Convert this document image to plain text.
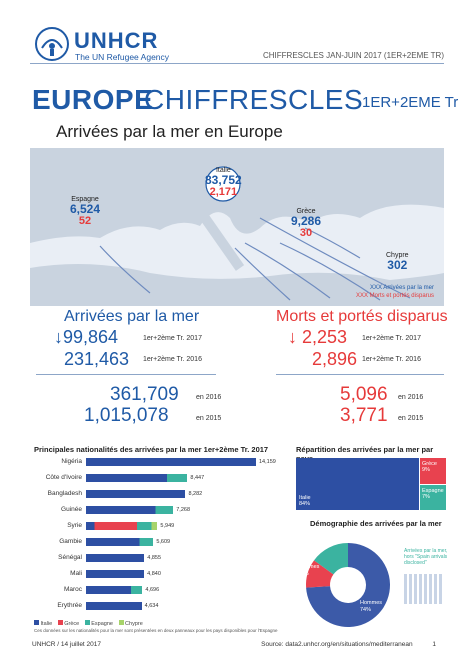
UNHCR
The UN Refugee Agency	CHIFFRESCLES JAN-JUIN 2017 (1ER+2EME TR)
EUROPE
CHIFFRESCLES
1ER+2EME Tr
Arrivées par la mer en Europe
Espagne
6,524
52
Italie
83,752
2,171
Grèce
9,286
30
Chypre
302
XXX Arrivées par la mer
XXX Morts et portés disparus
Arrivées par la mer	Morts et portés disparus
↓99,864	1er+2ème Tr. 2017
231,463 1er+2ème Tr. 2016
↓ 2,253 1er+2ème Tr. 2017
2,896 1er+2ème Tr. 2016
361,709 en 2016
1,015,078	en 2015
5,096 en 2016
3,771 en 2015
Principales nationalités des arrivées par la mer 1er+2ème Tr. 2017
Nigéria	14,159
Côte d'Ivoire	8,447
Bangladesh	8,282
Guinée	7,268
Syrie	5,949
Gambie	5,609
Sénégal	4,855
Mali	4,840
Maroc	4,696
Erythrée	4,634
Italie Grèce Espagne Chypre
Ces données sur les nationalités pour la mer sont présentées en deux panneaux pour les pays disponibles pour l'Espagne
Répartition des arrivées par la mer par
Italie
84%
Grèce
9%
Espagne
7%
Démographie des arrivées par la mer
Hommes 74%
Femmes 11%
Enfants 15%
Arrivées par la mer, hors "Spain arrivals disclosed"
UNHCR / 14 juillet 2017	Source: data2.unhcr.org/en/situations/mediterranean	1
